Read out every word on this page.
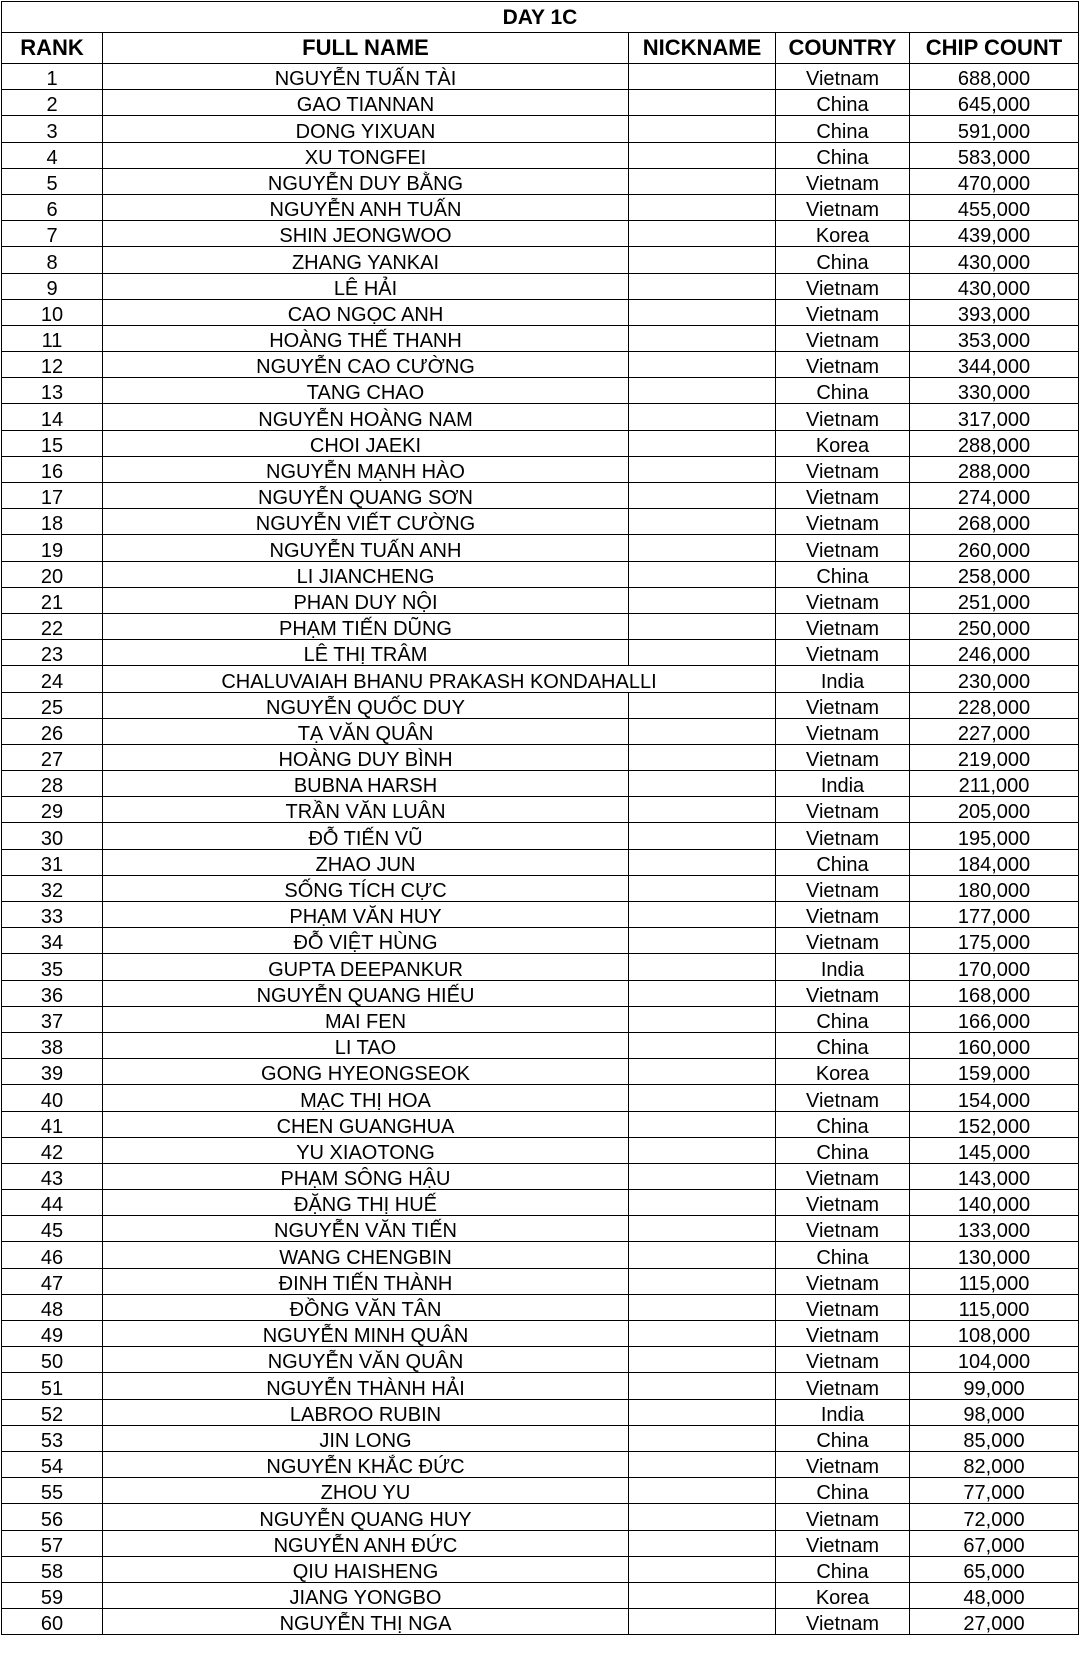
DAY 1C				
RANK	FULL NAME	NICKNAME	COUNTRY	CHIP COUNT
1	NGUYỄN TUẤN TÀI		Vietnam	688,000
2	GAO TIANNAN		China	645,000
3	DONG YIXUAN		China	591,000
4	XU TONGFEI		China	583,000
5	NGUYỄN DUY BẰNG		Vietnam	470,000
6	NGUYỄN ANH TUẤN		Vietnam	455,000
7	SHIN JEONGWOO		Korea	439,000
8	ZHANG YANKAI		China	430,000
9	LÊ HẢI		Vietnam	430,000
10	CAO NGỌC ANH		Vietnam	393,000
11	HOÀNG THẾ THANH		Vietnam	353,000
12	NGUYỄN CAO CƯỜNG		Vietnam	344,000
13	TANG CHAO		China	330,000
14	NGUYỄN HOÀNG NAM		Vietnam	317,000
15	CHOI JAEKI		Korea	288,000
16	NGUYỄN MẠNH HÀO		Vietnam	288,000
17	NGUYỄN QUANG SƠN		Vietnam	274,000
18	NGUYỄN VIẾT CƯỜNG		Vietnam	268,000
19	NGUYỄN TUẤN ANH		Vietnam	260,000
20	LI JIANCHENG		China	258,000
21	PHAN DUY NỘI		Vietnam	251,000
22	PHẠM TIẾN DŨNG		Vietnam	250,000
23	LÊ THỊ TRÂM		Vietnam	246,000
24	CHALUVAIAH BHANU PRAKASH KONDAHALLI		India	230,000
25	NGUYỄN QUỐC DUY		Vietnam	228,000
26	TẠ VĂN QUÂN		Vietnam	227,000
27	HOÀNG DUY BÌNH		Vietnam	219,000
28	BUBNA HARSH		India	211,000
29	TRẦN VĂN LUÂN		Vietnam	205,000
30	ĐỖ TIẾN VŨ		Vietnam	195,000
31	ZHAO JUN		China	184,000
32	SỐNG TÍCH CỰC		Vietnam	180,000
33	PHẠM VĂN HUY		Vietnam	177,000
34	ĐỖ VIỆT HÙNG		Vietnam	175,000
35	GUPTA DEEPANKUR		India	170,000
36	NGUYỄN QUANG HIẾU		Vietnam	168,000
37	MAI FEN		China	166,000
38	LI TAO		China	160,000
39	GONG HYEONGSEOK		Korea	159,000
40	MẠC THỊ HOA		Vietnam	154,000
41	CHEN GUANGHUA		China	152,000
42	YU XIAOTONG		China	145,000
43	PHẠM SÔNG HẬU		Vietnam	143,000
44	ĐẶNG THỊ HUẾ		Vietnam	140,000
45	NGUYỄN VĂN TIẾN		Vietnam	133,000
46	WANG CHENGBIN		China	130,000
47	ĐINH TIẾN THÀNH		Vietnam	115,000
48	ĐỒNG VĂN TÂN		Vietnam	115,000
49	NGUYỄN MINH QUÂN		Vietnam	108,000
50	NGUYỄN VĂN QUÂN		Vietnam	104,000
51	NGUYỄN THÀNH HẢI		Vietnam	99,000
52	LABROO RUBIN		India	98,000
53	JIN LONG		China	85,000
54	NGUYỄN KHẮC ĐỨC		Vietnam	82,000
55	ZHOU YU		China	77,000
56	NGUYỄN QUANG HUY		Vietnam	72,000
57	NGUYỄN ANH ĐỨC		Vietnam	67,000
58	QIU HAISHENG		China	65,000
59	JIANG YONGBO		Korea	48,000
60	NGUYỄN THỊ NGA		Vietnam	27,000
